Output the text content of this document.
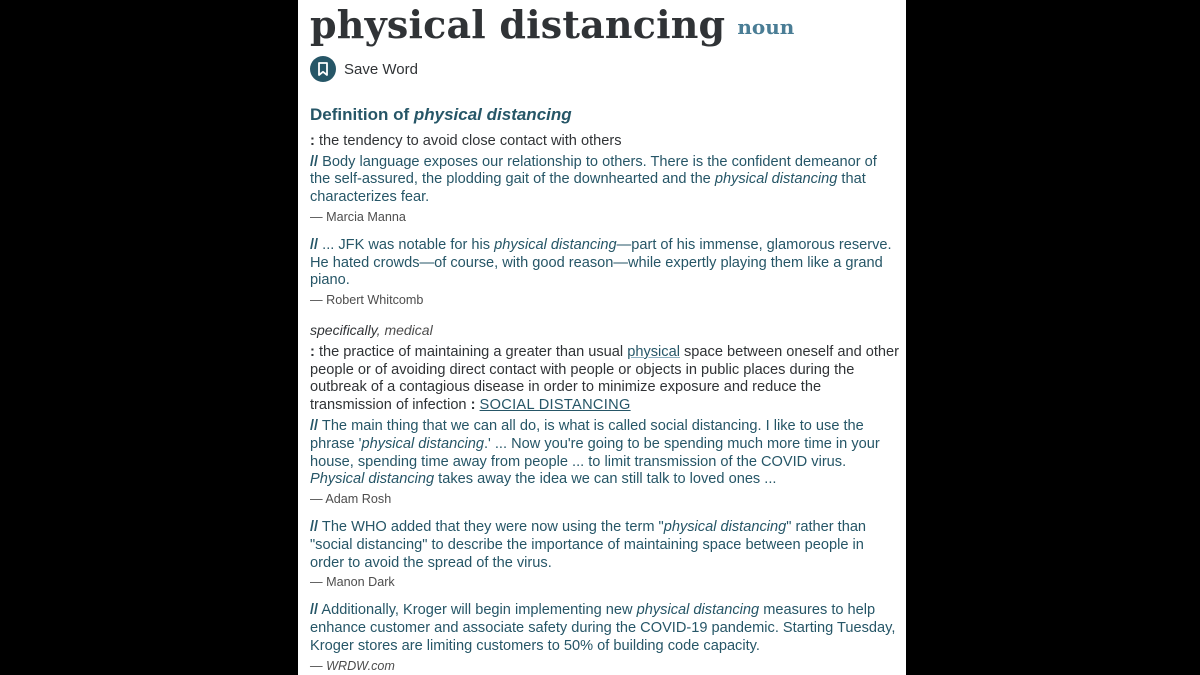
physical distancing noun
Save Word
Definition of physical distancing

: the tendency to avoid close contact with others

// Body language exposes our relationship to others. There is the confident demeanor of the self-assured, the plodding gait of the downhearted and the physical distancing that characterizes fear.

— Marcia Manna

// ... JFK was notable for his physical distancing—part of his immense, glamorous reserve. He hated crowds—of course, with good reason—while expertly playing them like a grand piano.

— Robert Whitcomb

specifically, medical

: the practice of maintaining a greater than usual physical space between oneself and other people or of avoiding direct contact with people or objects in public places during the outbreak of a contagious disease in order to minimize exposure and reduce the transmission of infection : SOCIAL DISTANCING

// The main thing that we can all do, is what is called social distancing. I like to use the phrase 'physical distancing.' ... Now you're going to be spending much more time in your house, spending time away from people ... to limit transmission of the COVID virus. Physical distancing takes away the idea we can still talk to loved ones ...

— Adam Rosh

// The WHO added that they were now using the term "physical distancing" rather than "social distancing" to describe the importance of maintaining space between people in order to avoid the spread of the virus.

— Manon Dark

// Additionally, Kroger will begin implementing new physical distancing measures to help enhance customer and associate safety during the COVID-19 pandemic. Starting Tuesday, Kroger stores are limiting customers to 50% of building code capacity.

— WRDW.com
